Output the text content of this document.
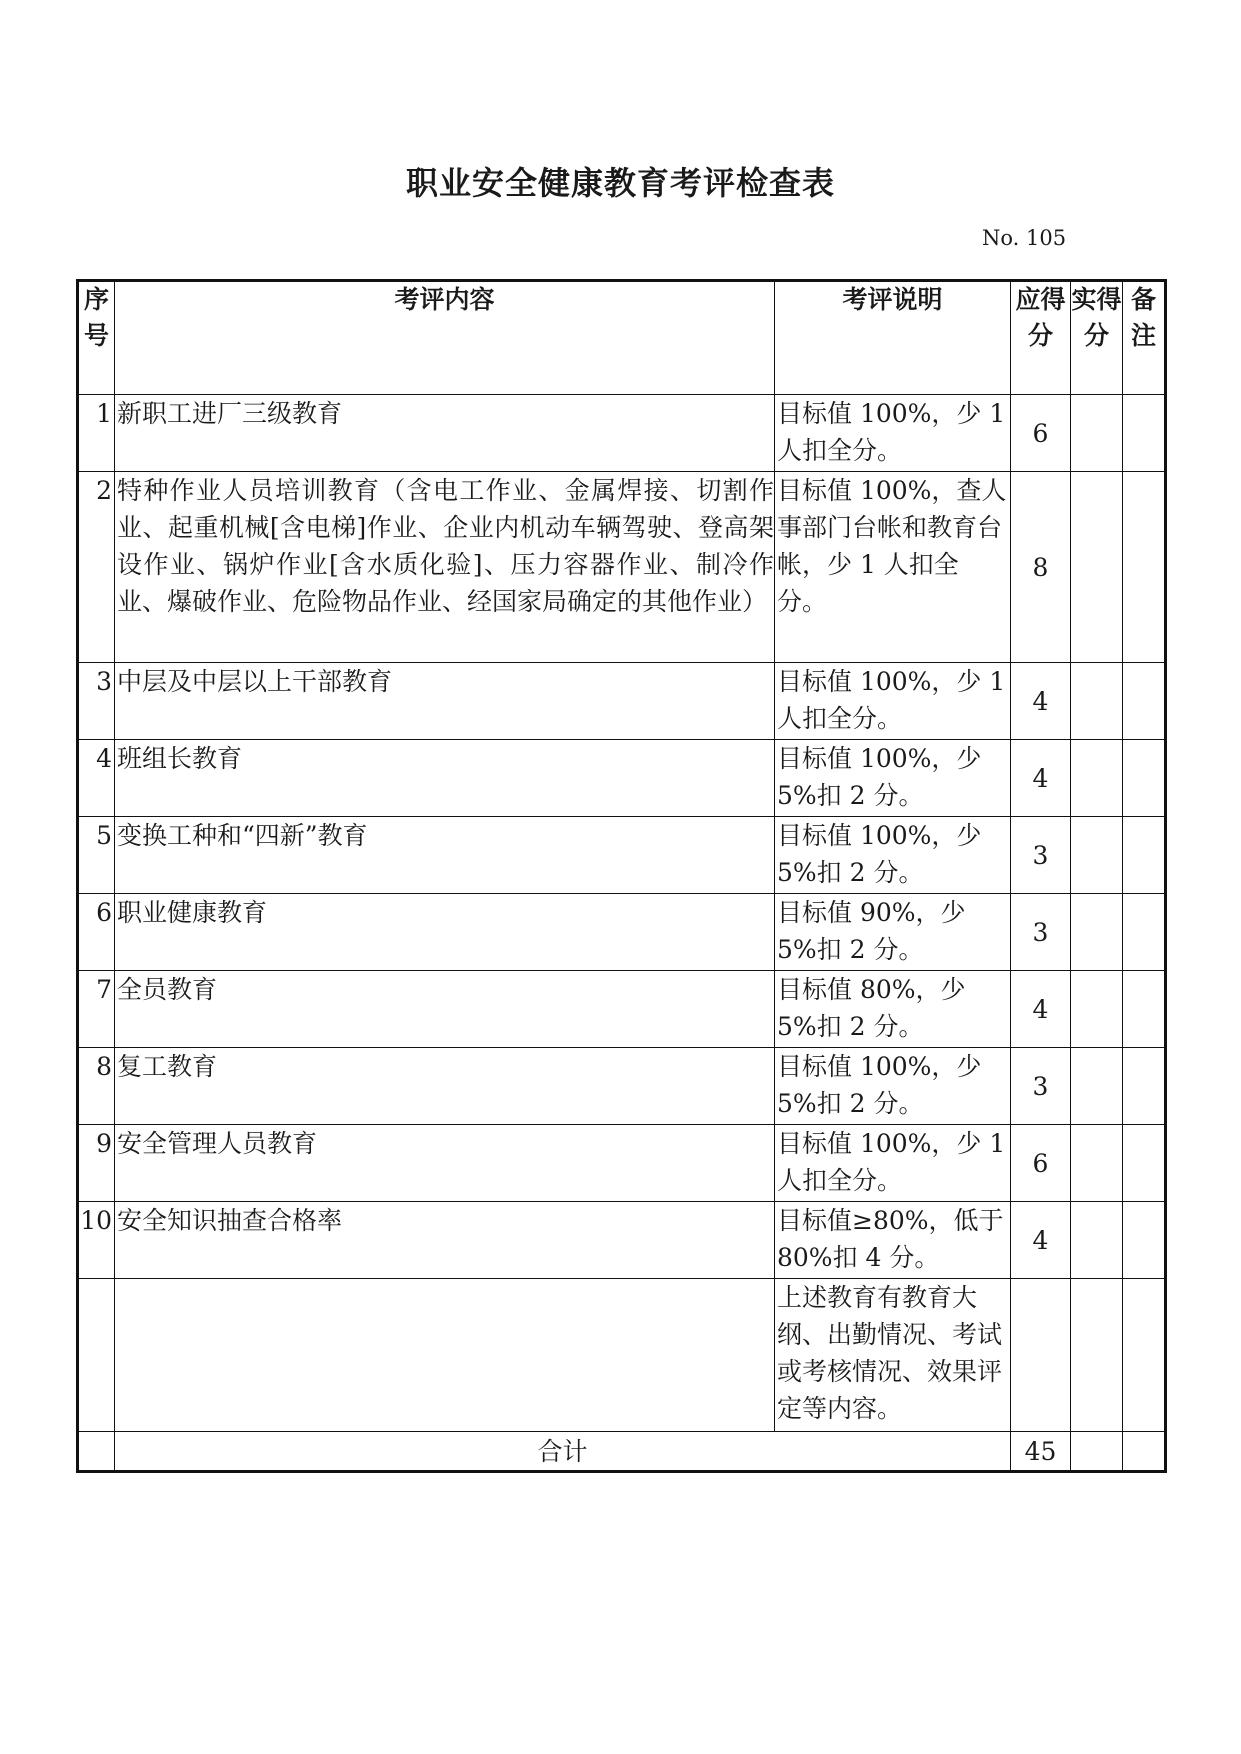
职业安全健康教育考评检查表
No. 105
序号	考评内容	考评说明	应得分	实得分	备注
1	新职工进厂三级教育	目标值 100%，少 1 人扣全分。	6		
2	特种作业人员培训教育（含电工作业、金属焊接、切割作业、起重机械[含电梯]作业、企业内机动车辆驾驶、登高架设作业、锅炉作业[含水质化验]、压力容器作业、制冷作业、爆破作业、危险物品作业、经国家局确定的其他作业）	目标值 100%，查人事部门台帐和教育台帐，少 1 人扣全分。	8		
3	中层及中层以上干部教育	目标值 100%，少 1 人扣全分。	4		
4	班组长教育	目标值 100%，少 5%扣 2 分。	4		
5	变换工种和“四新”教育	目标值 100%，少 5%扣 2 分。	3		
6	职业健康教育	目标值 90%，少 5%扣 2 分。	3		
7	全员教育	目标值 80%，少 5%扣 2 分。	4		
8	复工教育	目标值 100%，少 5%扣 2 分。	3		
9	安全管理人员教育	目标值 100%，少 1 人扣全分。	6		
10	安全知识抽查合格率	目标值≥80%，低于 80%扣 4 分。	4		
		上述教育有教育大纲、出勤情况、考试或考核情况、效果评定等内容。			
	合计		45		
